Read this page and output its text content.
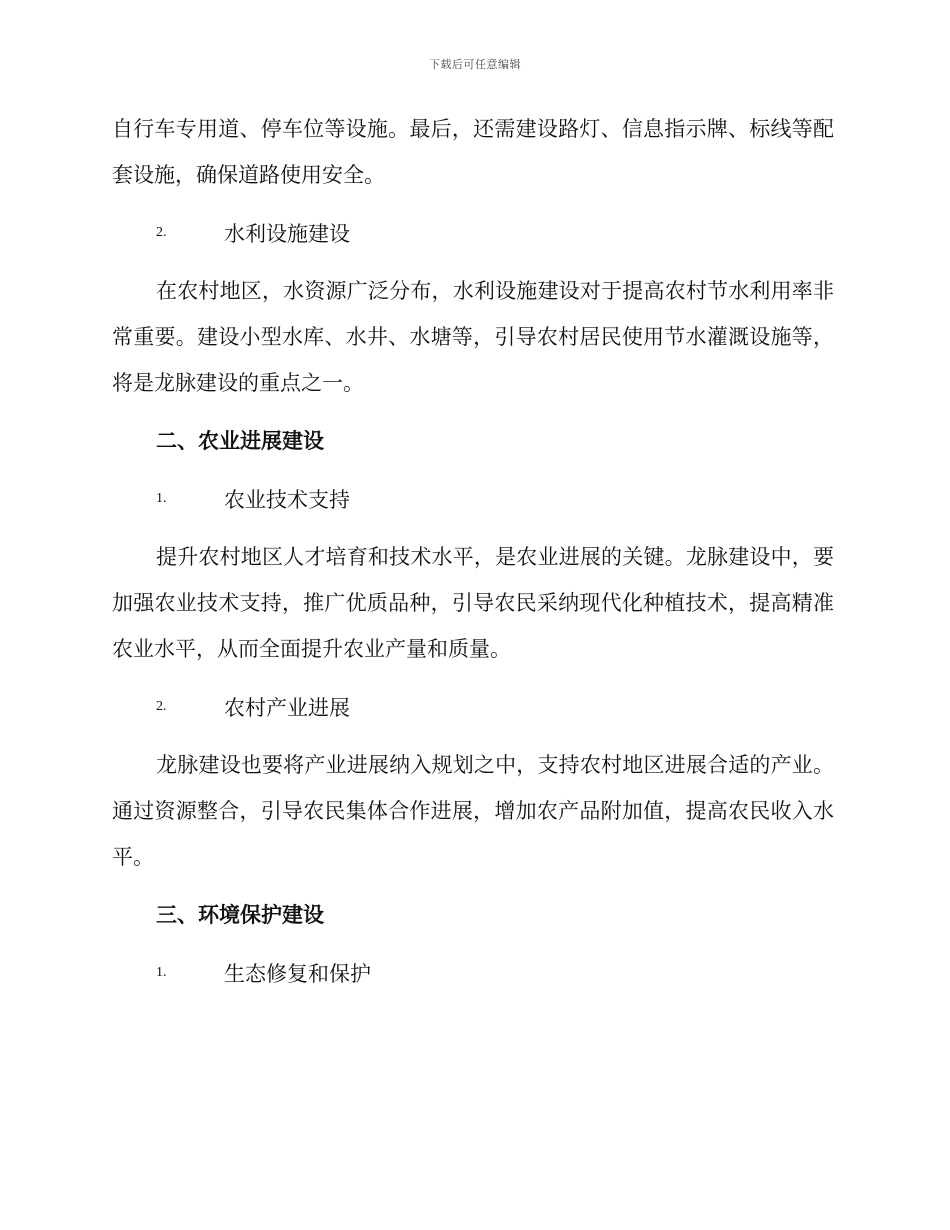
下载后可任意编辑

自行车专用道、停车位等设施。最后，还需建设路灯、信息指示牌、标线等配套设施，确保道路使用安全。

2.	水利设施建设

在农村地区，水资源广泛分布，水利设施建设对于提高农村节水利用率非常重要。建设小型水库、水井、水塘等，引导农村居民使用节水灌溉设施等，将是龙脉建设的重点之一。

二、农业进展建设
1.	农业技术支持

提升农村地区人才培育和技术水平，是农业进展的关键。龙脉建设中，要加强农业技术支持，推广优质品种，引导农民采纳现代化种植技术，提高精准农业水平，从而全面提升农业产量和质量。

2.	农村产业进展

龙脉建设也要将产业进展纳入规划之中，支持农村地区进展合适的产业。通过资源整合，引导农民集体合作进展，增加农产品附加值，提高农民收入水平。

三、环境保护建设
1.	生态修复和保护
